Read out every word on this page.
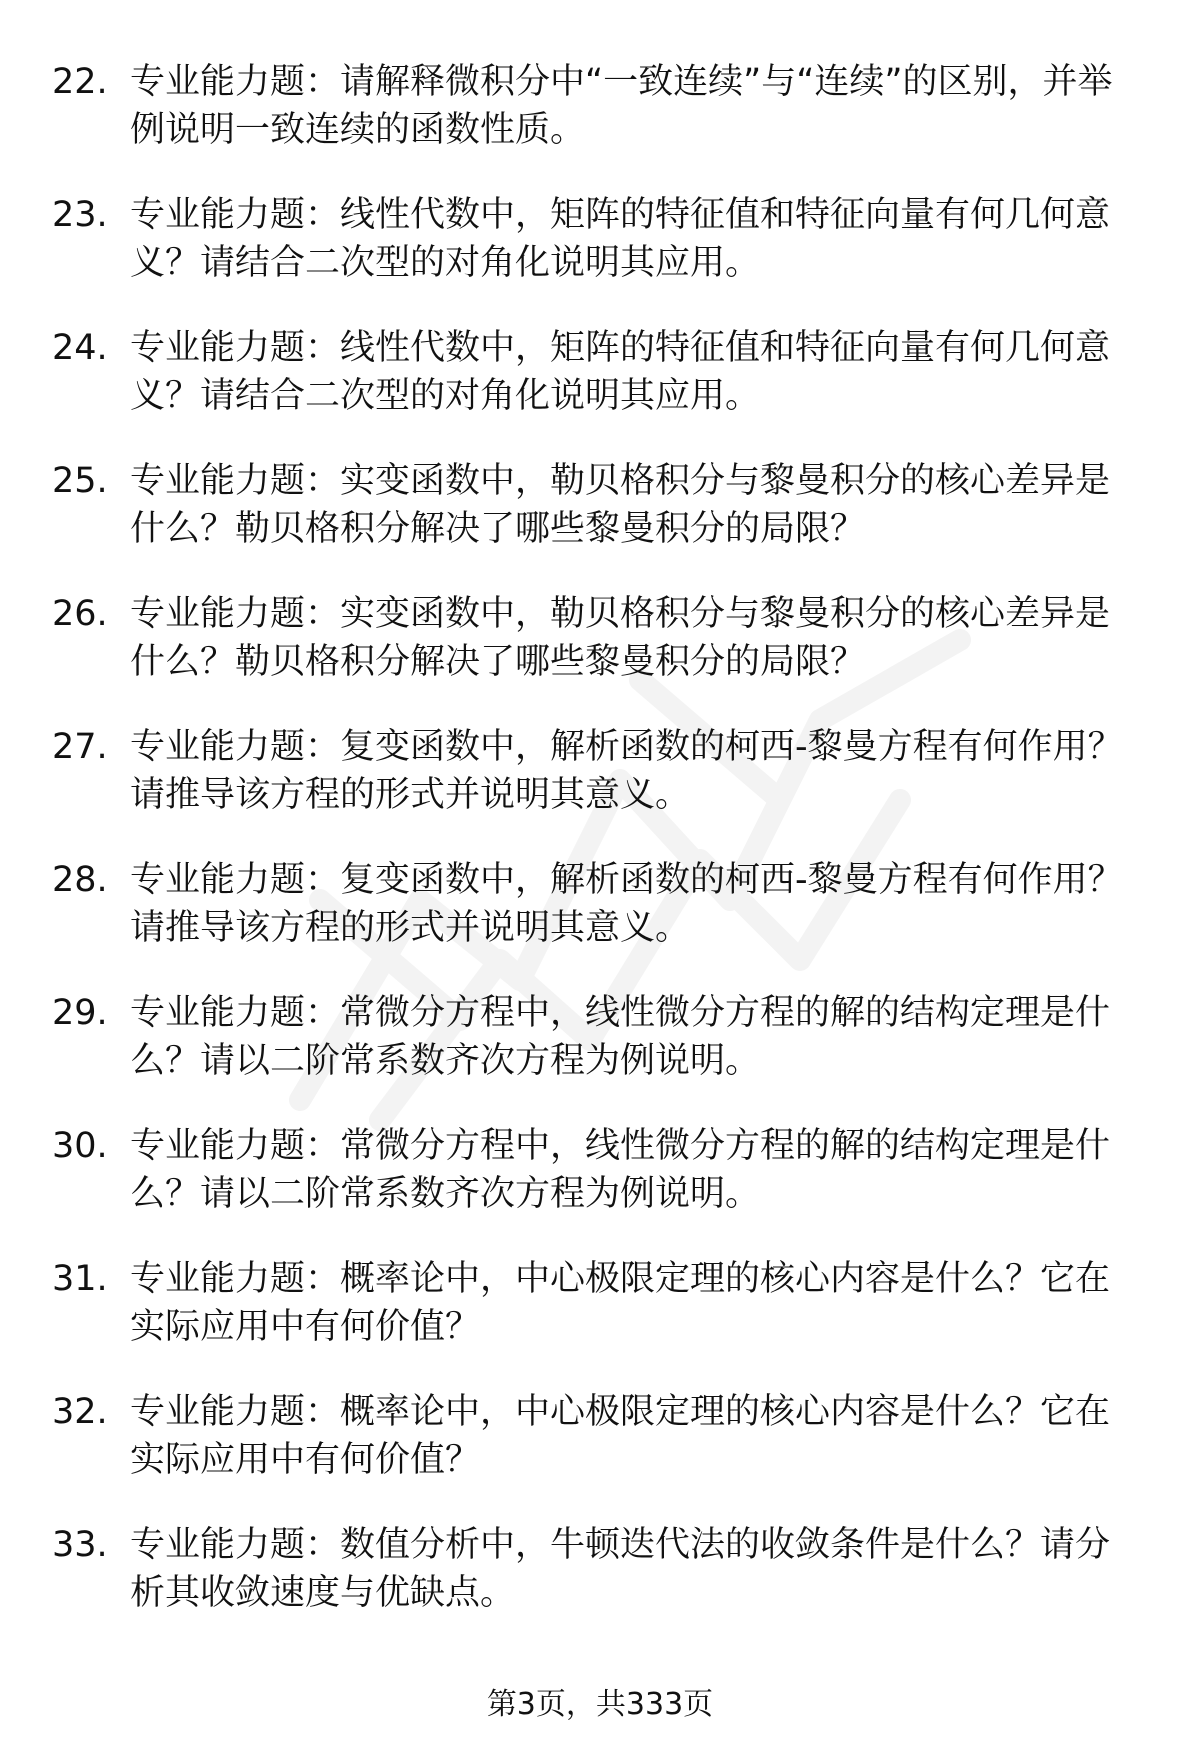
22. 专业能力题：请解释微积分中“一致连续”与“连续”的区别，并举例说明一致连续的函数性质。
23. 专业能力题：线性代数中，矩阵的特征值和特征向量有何几何意义？请结合二次型的对角化说明其应用。
24. 专业能力题：线性代数中，矩阵的特征值和特征向量有何几何意义？请结合二次型的对角化说明其应用。
25. 专业能力题：实变函数中，勒贝格积分与黎曼积分的核心差异是什么？勒贝格积分解决了哪些黎曼积分的局限？
26. 专业能力题：实变函数中，勒贝格积分与黎曼积分的核心差异是什么？勒贝格积分解决了哪些黎曼积分的局限？
27. 专业能力题：复变函数中，解析函数的柯西-黎曼方程有何作用？请推导该方程的形式并说明其意义。
28. 专业能力题：复变函数中，解析函数的柯西-黎曼方程有何作用？请推导该方程的形式并说明其意义。
29. 专业能力题：常微分方程中，线性微分方程的解的结构定理是什么？请以二阶常系数齐次方程为例说明。
30. 专业能力题：常微分方程中，线性微分方程的解的结构定理是什么？请以二阶常系数齐次方程为例说明。
31. 专业能力题：概率论中，中心极限定理的核心内容是什么？它在实际应用中有何价值？
32. 专业能力题：概率论中，中心极限定理的核心内容是什么？它在实际应用中有何价值？
33. 专业能力题：数值分析中，牛顿迭代法的收敛条件是什么？请分析其收敛速度与优缺点。
第3页，共333页
